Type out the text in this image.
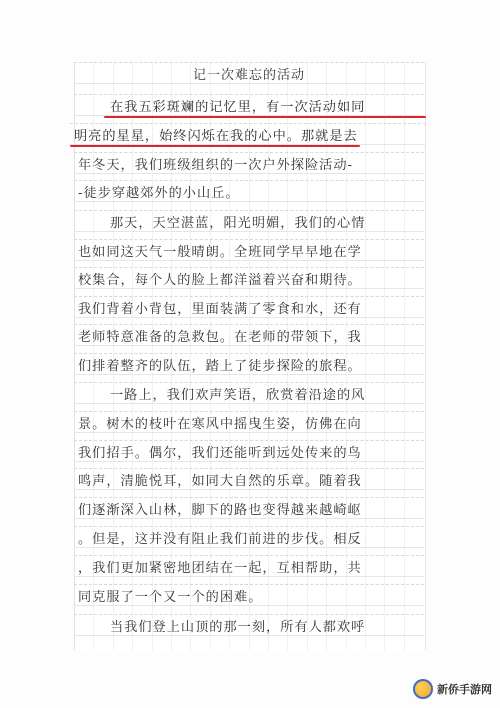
记一次难忘的活动
在我五彩斑斓的记忆里，有一次活动如同
明亮的星星，始终闪烁在我的心中。那就是去
年冬天，我们班级组织的一次户外探险活动-
-徒步穿越郊外的小山丘。
那天，天空湛蓝，阳光明媚，我们的心情
也如同这天气一般晴朗。全班同学早早地在学
校集合，每个人的脸上都洋溢着兴奋和期待。
我们背着小背包，里面装满了零食和水，还有
老师特意准备的急救包。在老师的带领下，我
们排着整齐的队伍，踏上了徒步探险的旅程。
一路上，我们欢声笑语，欣赏着沿途的风
景。树木的枝叶在寒风中摇曳生姿，仿佛在向
我们招手。偶尔，我们还能听到远处传来的鸟
鸣声，清脆悦耳，如同大自然的乐章。随着我
们逐渐深入山林，脚下的路也变得越来越崎岖
。但是，这并没有阻止我们前进的步伐。相反
，我们更加紧密地团结在一起，互相帮助，共
同克服了一个又一个的困难。
当我们登上山顶的那一刻，所有人都欢呼
新侨手游网
